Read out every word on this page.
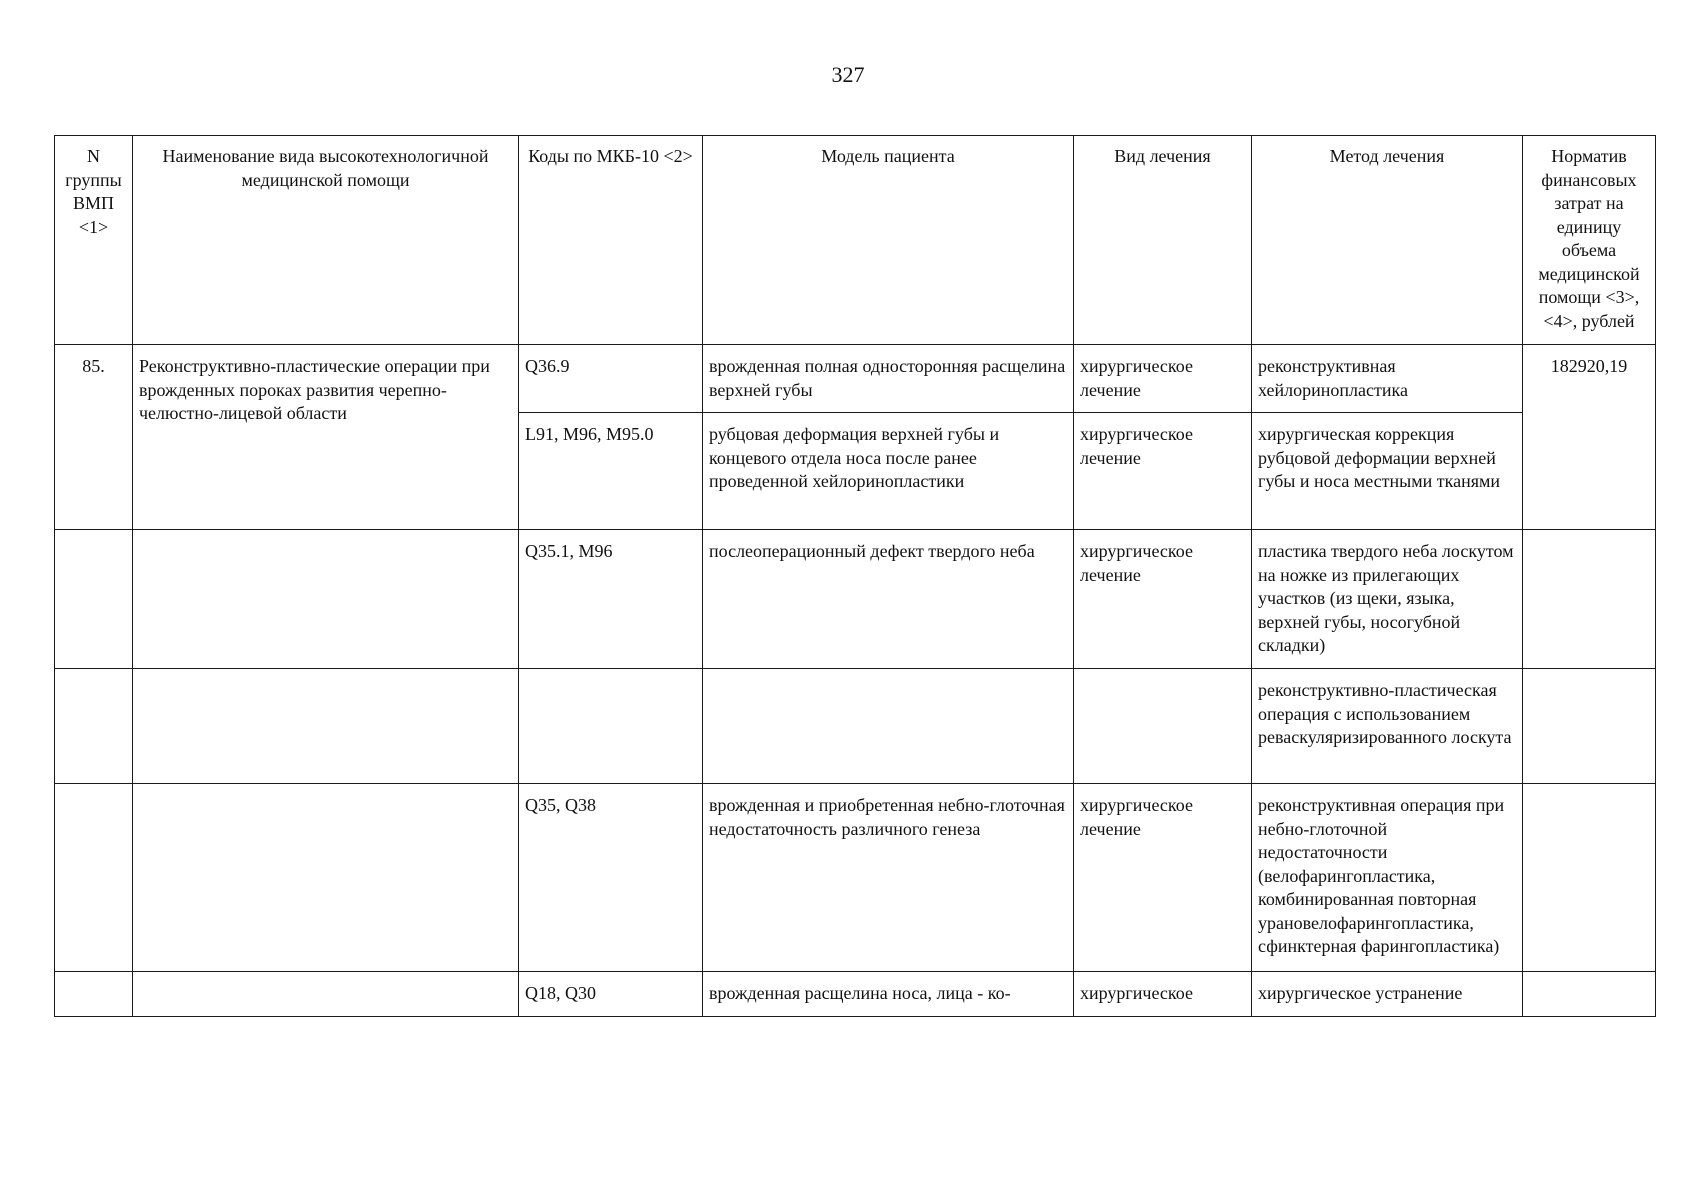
327
N группы ВМП <1>	Наименование вида высокотехнологичной медицинской помощи	Коды по МКБ-10 <2>	Модель пациента	Вид лечения	Метод лечения	Норматив финансовых затрат на единицу объема медицинской помощи <3>, <4>, рублей
85.	Реконструктивно-пластические операции при врожденных пороках развития черепно-челюстно-лицевой области	Q36.9	врожденная полная односторонняя расщелина верхней губы	хирургическое лечение	реконструктивная хейлоринопластика	182920,19
		L91, M96, M95.0	рубцовая деформация верхней губы и концевого отдела носа после ранее проведенной хейлоринопластики	хирургическое лечение	хирургическая коррекция рубцовой деформации верхней губы и носа местными тканями	
		Q35.1, M96	послеоперационный дефект твердого неба	хирургическое лечение	пластика твердого неба лоскутом на ножке из прилегающих участков (из щеки, языка, верхней губы, носогубной складки)	
					реконструктивно-пластическая операция с использованием реваскуляризированного лоскута	
		Q35, Q38	врожденная и приобретенная небно-глоточная недостаточность различного генеза	хирургическое лечение	реконструктивная операция при небно-глоточной недостаточности (велофарингопластика, комбинированная повторная урановелофарингопластика, сфинктерная фарингопластика)	
		Q18, Q30	врожденная расщелина носа, лица - ко-	хирургическое	хирургическое устранение	
